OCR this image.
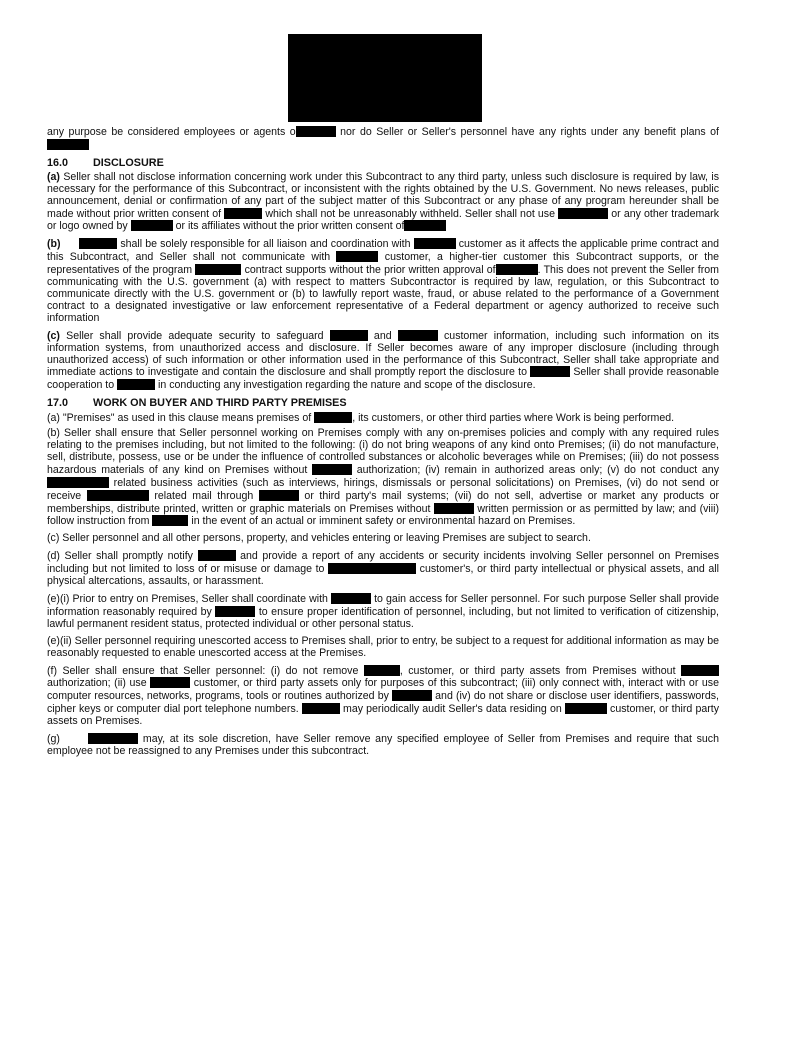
any purpose be considered employees or agents o	nor do Seller or Seller's personnel have any rights under any benefit plans of

16.0 DISCLOSURE

(a) Seller shall not disclose information concerning work under this Subcontract to any third party, unless such disclosure is required by law, is necessary for the performance of this Subcontract, or inconsistent with the rights obtained by the U.S. Government. No news releases, public announcement, denial or confirmation of any part of the subject matter of this Subcontract or any phase of any program hereunder shall be made without prior written consent of	which shall not be unreasonably withheld. Seller shall not use	or any other trademark or logo owned by	or its affiliates without the prior written consent of

(b)	shall be solely responsible for all liaison and coordination with	customer as it affects the applicable prime contract and this Subcontract, and Seller shall not communicate with	customer, a higher-tier customer this Subcontract supports, or the representatives of the program	contract supports without the prior written approval of	. This does not prevent the Seller from communicating with the U.S. government (a) with respect to matters Subcontractor is required by law, regulation, or this Subcontract to communicate directly with the U.S. government or (b) to lawfully report waste, fraud, or abuse related to the performance of a Government contract to a designated investigative or law enforcement representative of a Federal department or agency authorized to receive such information

(c) Seller shall provide adequate security to safeguard	and	customer information, including such information on its information systems, from unauthorized access and disclosure. If Seller becomes aware of any improper disclosure (including through unauthorized access) of such information or other information used in the performance of this Subcontract, Seller shall take appropriate and immediate actions to investigate and contain the disclosure and shall promptly report the disclosure to	Seller shall provide reasonable cooperation to	in conducting any investigation regarding the nature and scope of the disclosure.

17.0 WORK ON BUYER AND THIRD PARTY PREMISES

(a) "Premises" as used in this clause means premises of	, its customers, or other third parties where Work is being performed.

(b) Seller shall ensure that Seller personnel working on Premises comply with any on-premises policies and comply with any required rules relating to the premises including, but not limited to the following: (i) do not bring weapons of any kind onto Premises; (ii) do not manufacture, sell, distribute, possess, use or be under the influence of controlled substances or alcoholic beverages while on Premises; (iii) do not possess hazardous materials of any kind on Premises without	authorization; (iv) remain in authorized areas only; (v) do not conduct any  related business activities (such as interviews, hirings, dismissals or personal solicitations) on Premises, (vi) do not send or receive	related mail through	or third party's mail systems; (vii) do not sell, advertise or market any products or memberships, distribute printed, written or graphic materials on Premises without	written permission or as permitted by law; and (viii) follow instruction from	in the event of an actual or imminent safety or environmental hazard on Premises.

(c) Seller personnel and all other persons, property, and vehicles entering or leaving Premises are subject to search.

(d) Seller shall promptly notify	and provide a report of any accidents or security incidents involving Seller personnel on Premises including but not limited to loss of or misuse or damage to	customer's, or third party intellectual or physical assets, and all physical altercations, assaults, or harassment.

(e)(i) Prior to entry on Premises, Seller shall coordinate with	to gain access for Seller personnel. For such purpose Seller shall provide information reasonably required by	to ensure proper identification of personnel, including, but not limited to verification of citizenship, lawful permanent resident status, protected individual or other personal status.

(e)(ii) Seller personnel requiring unescorted access to Premises shall, prior to entry, be subject to a request for additional information as may be reasonably requested to enable unescorted access at the Premises.

(f) Seller shall ensure that Seller personnel: (i) do not remove	, customer, or third party assets from Premises without  authorization; (ii) use	customer, or third party assets only for purposes of this subcontract; (iii) only connect with, interact with or use computer resources, networks, programs, tools or routines authorized by	and (iv) do not share or disclose user identifiers, passwords, cipher keys or computer dial port telephone numbers.	may periodically audit Seller's data residing on	customer, or third party assets on Premises.

(g)	may, at its sole discretion, have Seller remove any specified employee of Seller from Premises and require that such employee not be reassigned to any Premises under this subcontract.
